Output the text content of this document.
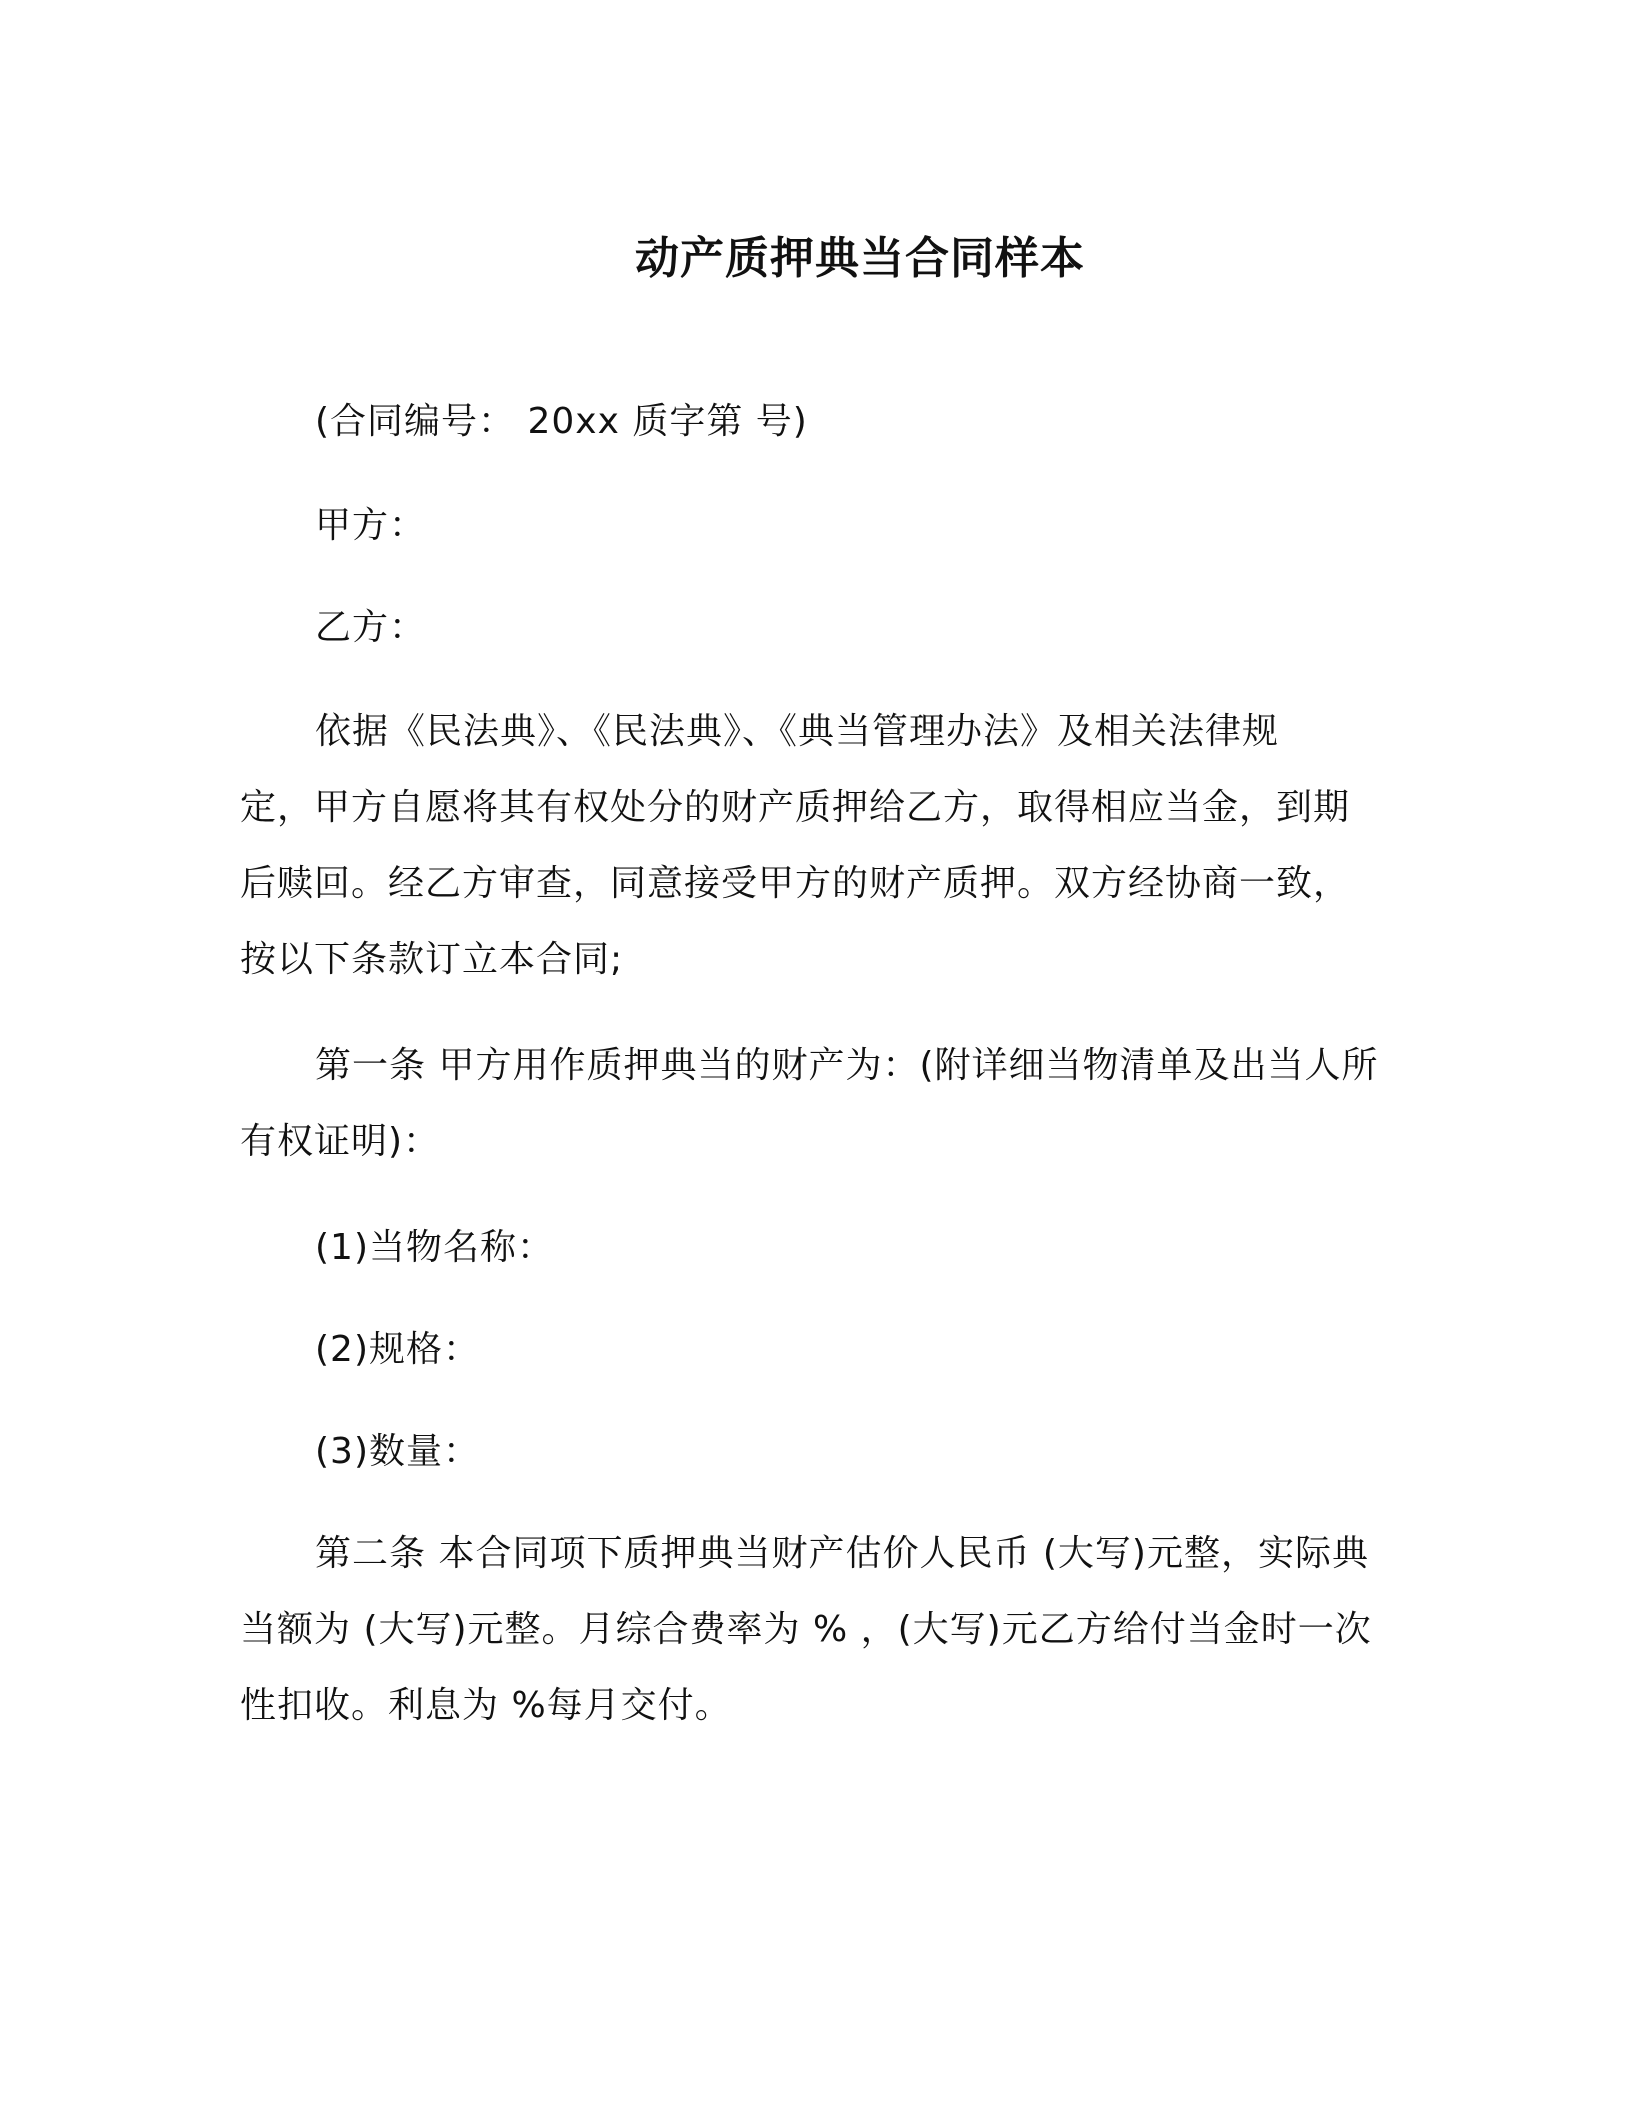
动产质押典当合同样本
(合同编号： 20xx 质字第 号)
甲方：
乙方：
依据《民法典》、《民法典》、《典当管理办法》及相关法律规
定，甲方自愿将其有权处分的财产质押给乙方，取得相应当金，到期
后赎回。经乙方审查，同意接受甲方的财产质押。双方经协商一致，
按以下条款订立本合同;
第一条 甲方用作质押典当的财产为：(附详细当物清单及出当人所
有权证明)：
(1)当物名称：
(2)规格：
(3)数量：
第二条 本合同项下质押典当财产估价人民币 (大写)元整，实际典
当额为 (大写)元整。月综合费率为 % ，(大写)元乙方给付当金时一次
性扣收。利息为 %每月交付。
